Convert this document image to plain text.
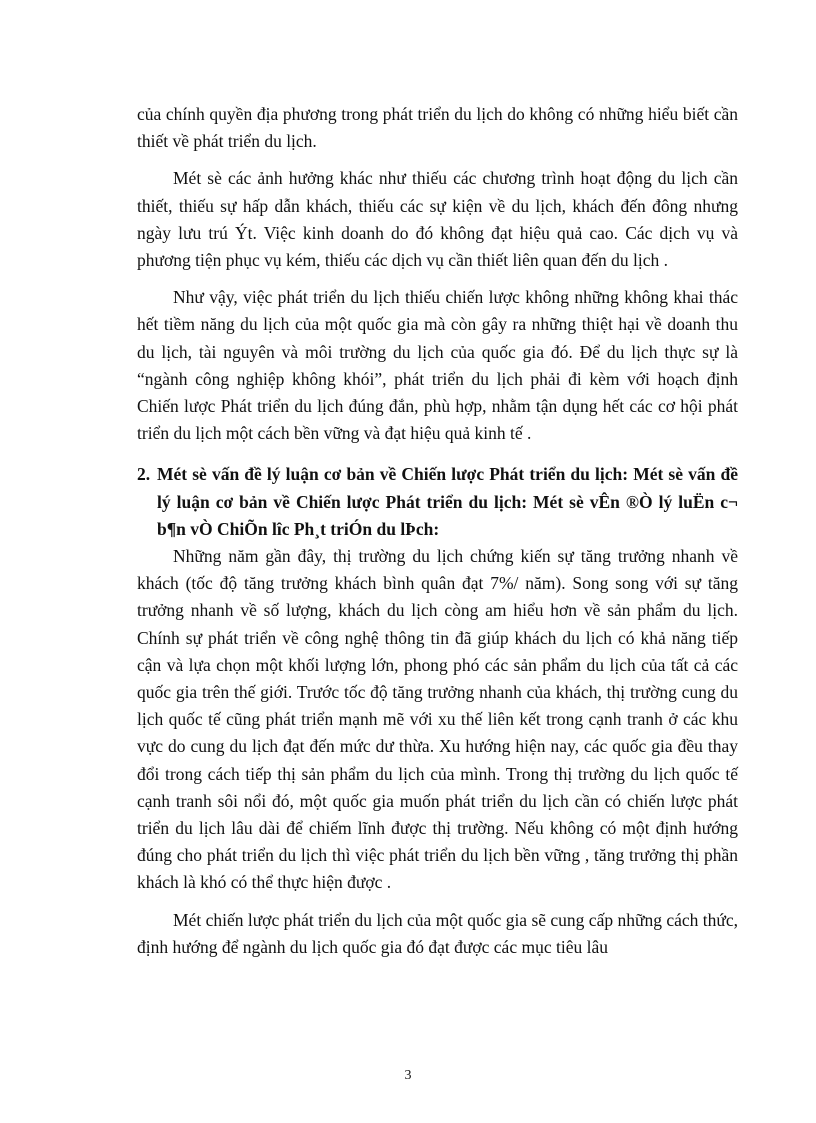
của chính quyền địa phương trong phát triển du lịch do không có những hiểu biết cần thiết về phát triển du lịch.

Mét sè các ảnh hưởng khác như thiếu các chương trình hoạt động du lịch cần thiết, thiếu sự hấp dẫn khách, thiếu các sự kiện về du lịch, khách đến đông nhưng ngày lưu trú Ýt. Việc kinh doanh do đó không đạt hiệu quả cao. Các dịch vụ và phương tiện phục vụ kém, thiếu các dịch vụ cần thiết liên quan đến du lịch .

Như vậy, việc phát triển du lịch thiếu chiến lược không những không khai thác hết tiềm năng du lịch của một quốc gia mà còn gây ra những thiệt hại về doanh thu du lịch, tài nguyên và môi trường du lịch của quốc gia đó. Để du lịch thực sự là “ngành công nghiệp không khói”, phát triển du lịch phải đi kèm với hoạch định Chiến lược Phát triển du lịch đúng đắn, phù hợp, nhằm tận dụng hết các cơ hội phát triển du lịch một cách bền vững và đạt hiệu quả kinh tế .

2. Mét sè vấn đề lý luận cơ bản về Chiến lược Phát triển du lịch: Mét sè vấn đề lý luận cơ bản về Chiến lược Phát triển du lịch: Mét sè vÊn ®Ò lý luËn c¬ b¶n vÒ ChiÕn lîc Ph¸t triÓn du lÞch:

Những năm gần đây, thị trường du lịch chứng kiến sự tăng trưởng nhanh về khách (tốc độ tăng trưởng khách bình quân đạt 7%/ năm). Song song với sự tăng trưởng nhanh về số lượng, khách du lịch còng am hiểu hơn về sản phẩm du lịch. Chính sự phát triển về công nghệ thông tin đã giúp khách du lịch có khả năng tiếp cận và lựa chọn một khối lượng lớn, phong phó các sản phẩm du lịch của tất cả các quốc gia trên thế giới. Trước tốc độ tăng trưởng nhanh của khách, thị trường cung du lịch quốc tế cũng phát triển mạnh mẽ với xu thế liên kết trong cạnh tranh ở các khu vực do cung du lịch đạt đến mức dư thừa. Xu hướng hiện nay, các quốc gia đều thay đổi trong cách tiếp thị sản phẩm du lịch của mình. Trong thị trường du lịch quốc tế cạnh tranh sôi nổi đó, một quốc gia muốn phát triển du lịch cần có chiến lược phát triển du lịch lâu dài để chiếm lĩnh được thị trường. Nếu không có một định hướng đúng cho phát triển du lịch thì việc phát triển du lịch bền vững , tăng trưởng thị phần khách là khó có thể thực hiện được .

Mét chiến lược phát triển du lịch của một quốc gia sẽ cung cấp những cách thức, định hướng để ngành du lịch quốc gia đó đạt được các mục tiêu lâu

3
